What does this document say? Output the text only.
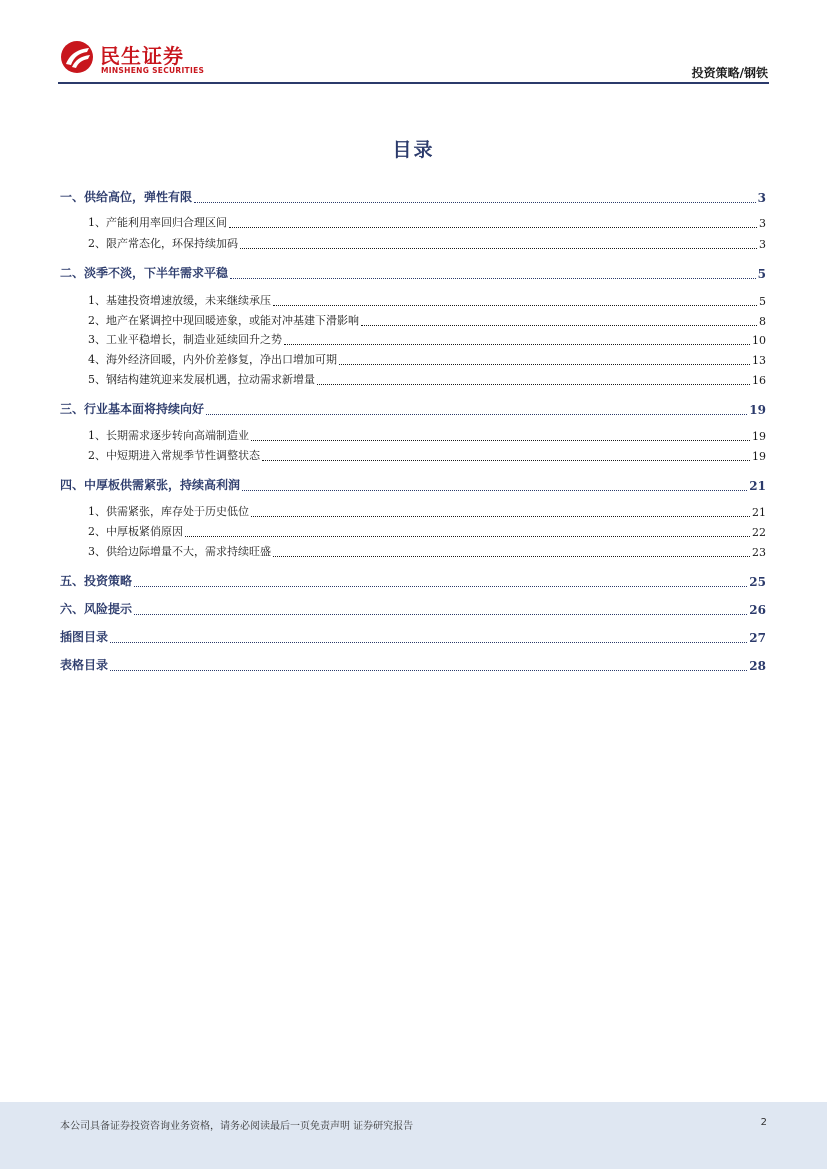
民生证券
MINSHENG SECURITIES	投资策略/钢铁
目录
一、供给高位，弹性有限	3
1、产能利用率回归合理区间	3
2、限产常态化，环保持续加码	3
二、淡季不淡，下半年需求平稳	5
1、基建投资增速放缓，未来继续承压	5
2、地产在紧调控中现回暖迹象，或能对冲基建下滑影响	8
3、工业平稳增长，制造业延续回升之势	10
4、海外经济回暖，内外价差修复，净出口增加可期	13
5、钢结构建筑迎来发展机遇，拉动需求新增量	16
三、行业基本面将持续向好	19
1、长期需求逐步转向高端制造业	19
2、中短期进入常规季节性调整状态	19
四、中厚板供需紧张，持续高利润	21
1、供需紧张，库存处于历史低位	21
2、中厚板紧俏原因	22
3、供给边际增量不大，需求持续旺盛	23
五、投资策略	25
六、风险提示	26
插图目录	27
表格目录	28
本公司具备证券投资咨询业务资格，请务必阅读最后一页免责声明 证券研究报告	2
